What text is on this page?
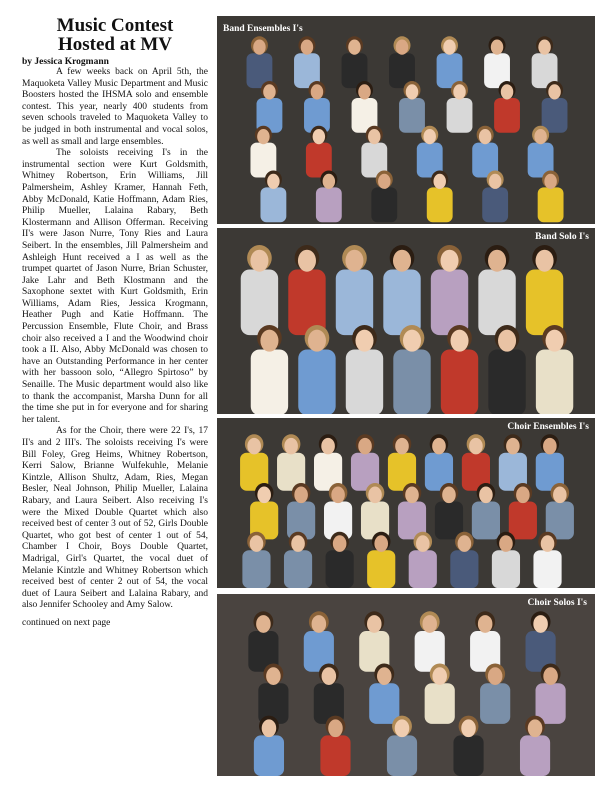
Music Contest
Hosted at MV
by Jessica Krogmann

A few weeks back on April 5th, the Maquoketa Valley Music Department and Music Boosters hosted the IHSMA solo and ensemble contest. This year, nearly 400 students from seven schools traveled to Maquoketa Valley to be judged in both instrumental and vocal solos, as well as small and large ensembles.

The soloists receiving I's in the instrumental section were Kurt Goldsmith, Whitney Robertson, Erin Williams, Jill Palmersheim, Ashley Kramer, Hannah Feth, Abby McDonald, Katie Hoffmann, Adam Ries, Philip Mueller, Lalaina Rabary, Beth Klostermann and Allison Offerman. Receiving II's were Jason Nurre, Tony Ries and Laura Seibert. In the ensembles, Jill Palmersheim and Ashleigh Hunt received a I as well as the trumpet quartet of Jason Nurre, Brian Schuster, Jake Lahr and Beth Klostmann and the Saxophone sextet with Kurt Goldsmith, Erin Williams, Adam Ries, Jessica Krogmann, Heather Pugh and Katie Hoffmann. The Percussion Ensemble, Flute Choir, and Brass choir also received a I and the Woodwind choir took a II. Also, Abby McDonald was chosen to have an Outstanding Performance in her center with her bassoon solo, “Allegro Spirtoso” by Senaille. The Music department would also like to thank the accompanist, Marsha Dunn for all the time she put in for everyone and for sharing her talent.

As for the Choir, there were 22 I's, 17 II's and 2 III's. The soloists receiving I's were Bill Foley, Greg Heims, Whitney Robertson, Kerri Salow, Brianne Wulfekuhle, Melanie Kintzle, Allison Shultz, Adam, Ries, Megan Besler, Neal Johnson, Philip Mueller, Lalaina Rabary, and Laura Seibert. Also receiving I's were the Mixed Double Quartet which also received best of center 3 out of 52, Girls Double Quartet, who got best of center 1 out of 54, Chamber I Choir, Boys Double Quartet, Madrigal, Girl's Quartet, the vocal duet of Melanie Kintzle and Whitney Robertson which received best of center 2 out of 54, the vocal duet of Laura Seibert and Lalaina Rabary, and also Jennifer Schooley and Amy Salow.

continued on next page
Band Ensembles I's
Band Solo I's
Choir Ensembles I's
Choir Solos I's
